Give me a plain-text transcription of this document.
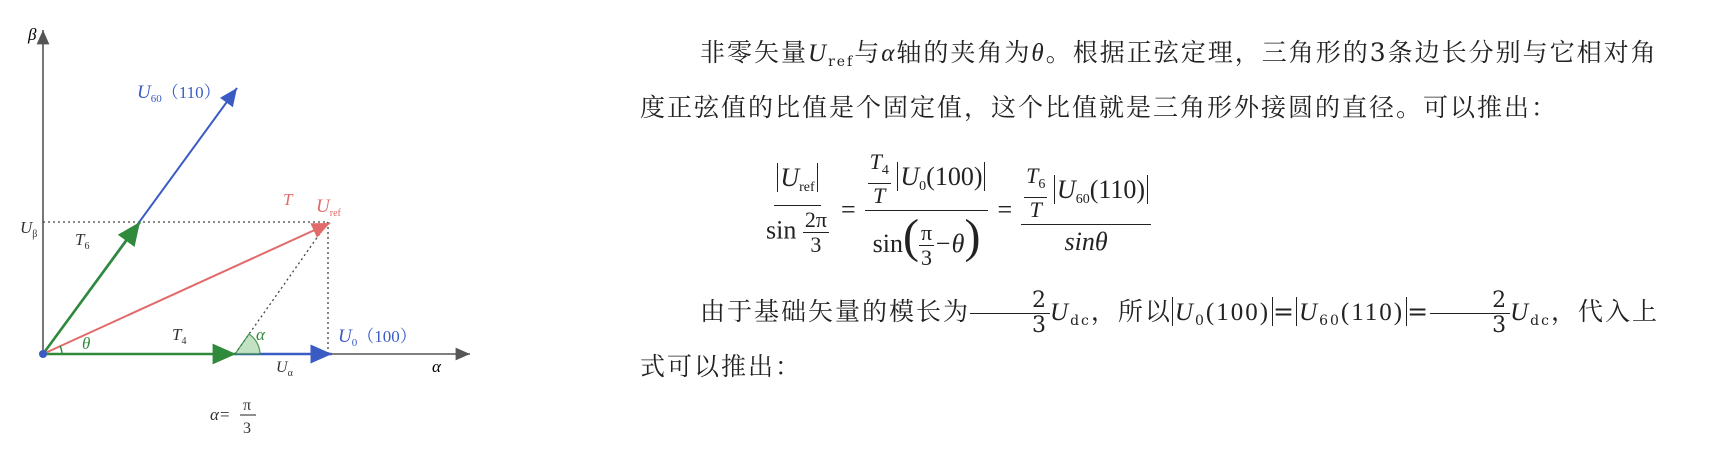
β
α
$U_{60}(110)$
$U_0(100)$
$U_\beta$
$U_\alpha$
$U_{ref}$
T
$T_6$
$T_4$
θ	α
α= π
3

非零矢量$U_{ref}$与α轴的夹角为θ。根据正弦定理，三角形的3条边长分别与它相对角度正弦值的比值是个固定值，这个比值就是三角形外接圆的直径。可以推出：

$\frac{U_{ref}}{\sin \frac{2\pi}{3}} = \frac{\frac{T_4}{T} U_0(100)}{\sin( \frac{\pi}{3} -\theta)} = \frac{\frac{T_6}{T} U_{60}(110)}{\sin\theta}$

由于基础矢量的模长为 $\frac{2}{3} U_{dc}$，所以 $U_0(100) = U_{60}(110) = \frac{2}{3} U_{dc}$，代入上式可以推出：
